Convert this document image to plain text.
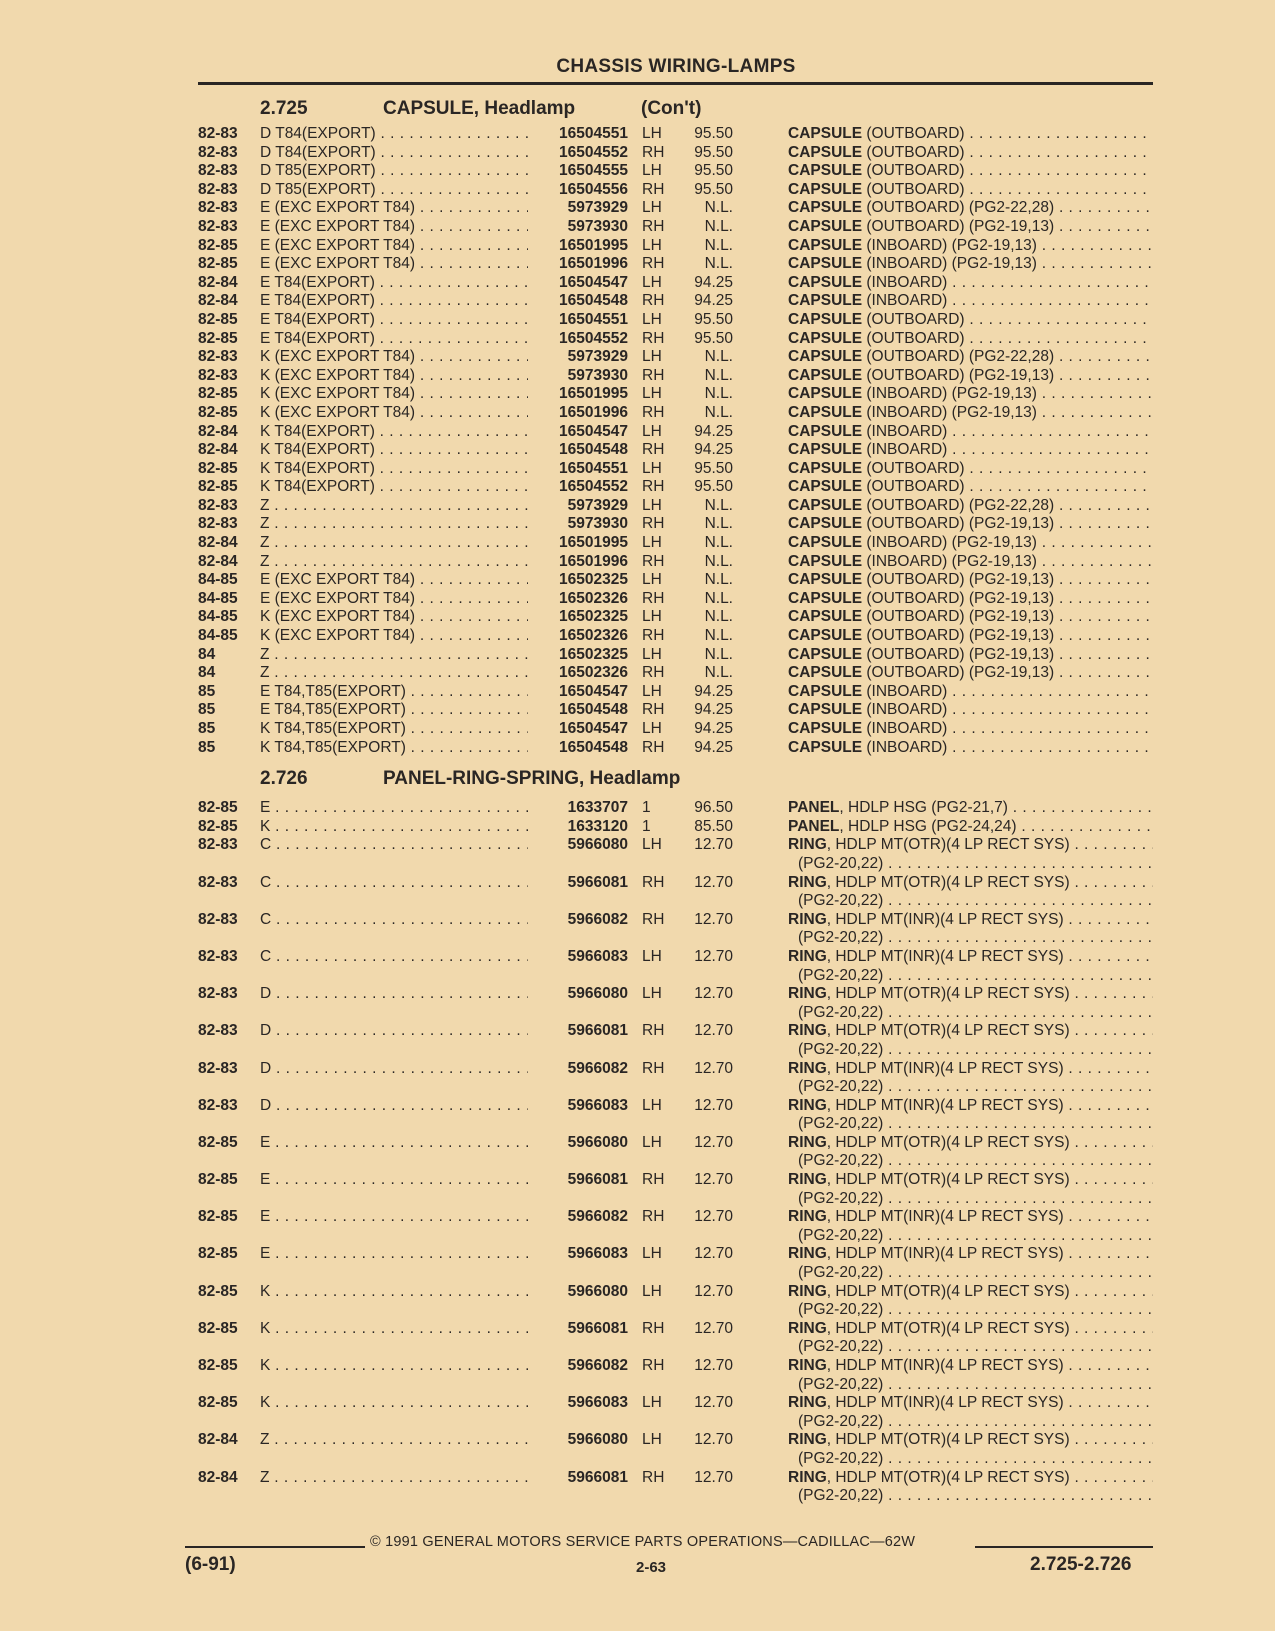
CHASSIS WIRING-LAMPS
2.725	CAPSULE, Headlamp	(Con't)
82-83 D T84(EXPORT) . . .	16504551 LH	95.50	CAPSULE (OUTBOARD) . . .
82-83 D T84(EXPORT) . . .	16504552 RH	95.50	CAPSULE (OUTBOARD) . . .
82-83 D T85(EXPORT) . . .	16504555 LH	95.50	CAPSULE (OUTBOARD) . . .
82-83 D T85(EXPORT) . . .	16504556 RH	95.50	CAPSULE (OUTBOARD) . . .
82-83 E (EXC EXPORT T84) . . .	5973929 LH	N.L.	CAPSULE (OUTBOARD) (PG2-22,28) . . .
82-83 E (EXC EXPORT T84) . . .	5973930 RH	N.L.	CAPSULE (OUTBOARD) (PG2-19,13) . . .
82-85 E (EXC EXPORT T84) . . .	16501995 LH	N.L.	CAPSULE (INBOARD) (PG2-19,13) . . .
82-85 E (EXC EXPORT T84) . . .	16501996 RH	N.L.	CAPSULE (INBOARD) (PG2-19,13) . . .
82-84 E T84(EXPORT) . . .	16504547 LH	94.25	CAPSULE (INBOARD) . . .
82-84 E T84(EXPORT) . . .	16504548 RH	94.25	CAPSULE (INBOARD) . . .
82-85 E T84(EXPORT) . . .	16504551 LH	95.50	CAPSULE (OUTBOARD) . . .
82-85 E T84(EXPORT) . . .	16504552 RH	95.50	CAPSULE (OUTBOARD) . . .
82-83 K (EXC EXPORT T84) . . .	5973929 LH	N.L.	CAPSULE (OUTBOARD) (PG2-22,28) . . .
82-83 K (EXC EXPORT T84) . . .	5973930 RH	N.L.	CAPSULE (OUTBOARD) (PG2-19,13) . . .
82-85 K (EXC EXPORT T84) . . .	16501995 LH	N.L.	CAPSULE (INBOARD) (PG2-19,13) . . .
82-85 K (EXC EXPORT T84) . . .	16501996 RH	N.L.	CAPSULE (INBOARD) (PG2-19,13) . . .
82-84 K T84(EXPORT) . . .	16504547 LH	94.25	CAPSULE (INBOARD) . . .
82-84 K T84(EXPORT) . . .	16504548 RH	94.25	CAPSULE (INBOARD) . . .
82-85 K T84(EXPORT) . . .	16504551 LH	95.50	CAPSULE (OUTBOARD) . . .
82-85 K T84(EXPORT) . . .	16504552 RH	95.50	CAPSULE (OUTBOARD) . . .
82-83 Z . . .	5973929 LH	N.L.	CAPSULE (OUTBOARD) (PG2-22,28) . . .
82-83 Z . . .	5973930 RH	N.L.	CAPSULE (OUTBOARD) (PG2-19,13) . . .
82-84 Z . . .	16501995 LH	N.L.	CAPSULE (INBOARD) (PG2-19,13) . . .
82-84 Z . . .	16501996 RH	N.L.	CAPSULE (INBOARD) (PG2-19,13) . . .
84-85 E (EXC EXPORT T84) . . .	16502325 LH	N.L.	CAPSULE (OUTBOARD) (PG2-19,13) . . .
84-85 E (EXC EXPORT T84) . . .	16502326 RH	N.L.	CAPSULE (OUTBOARD) (PG2-19,13) . . .
84-85 K (EXC EXPORT T84) . . .	16502325 LH	N.L.	CAPSULE (OUTBOARD) (PG2-19,13) . . .
84-85 K (EXC EXPORT T84) . . .	16502326 RH	N.L.	CAPSULE (OUTBOARD) (PG2-19,13) . . .
84	Z . . .	16502325 LH	N.L.	CAPSULE (OUTBOARD) (PG2-19,13) . . .
84	Z . . .	16502326 RH	N.L.	CAPSULE (OUTBOARD) (PG2-19,13) . . .
85	E T84,T85(EXPORT) . . .	16504547 LH	94.25	CAPSULE (INBOARD) . . .
85	E T84,T85(EXPORT) . . .	16504548 RH	94.25	CAPSULE (INBOARD) . . .
85	K T84,T85(EXPORT) . . .	16504547 LH	94.25	CAPSULE (INBOARD) . . .
85	K T84,T85(EXPORT) . . .	16504548 RH	94.25	CAPSULE (INBOARD) . . .
2.726	PANEL-RING-SPRING, Headlamp
82-85 E . . .	1633707 1	96.50	PANEL, HDLP HSG (PG2-21,7) . . .
82-85 K . . .	1633120 1	85.50	PANEL, HDLP HSG (PG2-24,24) . . .
82-83 C . . .	5966080 LH	12.70	RING, HDLP MT(OTR)(4 LP RECT SYS) . . .
(PG2-20,22) . . .
82-83 C . . .	5966081 RH	12.70	RING, HDLP MT(OTR)(4 LP RECT SYS) . . .
(PG2-20,22) . . .
82-83 C . . .	5966082 RH	12.70	RING, HDLP MT(INR)(4 LP RECT SYS) . . .
(PG2-20,22) . . .
82-83 C . . .	5966083 LH	12.70	RING, HDLP MT(INR)(4 LP RECT SYS) . . .
(PG2-20,22) . . .
82-83 D . . .	5966080 LH	12.70	RING, HDLP MT(OTR)(4 LP RECT SYS) . . .
(PG2-20,22) . . .
82-83 D . . .	5966081 RH	12.70	RING, HDLP MT(OTR)(4 LP RECT SYS) . . .
(PG2-20,22) . . .
82-83 D . . .	5966082 RH	12.70	RING, HDLP MT(INR)(4 LP RECT SYS) . . .
(PG2-20,22) . . .
82-83 D . . .	5966083 LH	12.70	RING, HDLP MT(INR)(4 LP RECT SYS) . . .
(PG2-20,22) . . .
82-85 E . . .	5966080 LH	12.70	RING, HDLP MT(OTR)(4 LP RECT SYS) . . .
(PG2-20,22) . . .
82-85 E . . .	5966081 RH	12.70	RING, HDLP MT(OTR)(4 LP RECT SYS) . . .
(PG2-20,22) . . .
82-85 E . . .	5966082 RH	12.70	RING, HDLP MT(INR)(4 LP RECT SYS) . . .
(PG2-20,22) . . .
82-85 E . . .	5966083 LH	12.70	RING, HDLP MT(INR)(4 LP RECT SYS) . . .
(PG2-20,22) . . .
82-85 K . . .	5966080 LH	12.70	RING, HDLP MT(OTR)(4 LP RECT SYS) . . .
(PG2-20,22) . . .
82-85 K . . .	5966081 RH	12.70	RING, HDLP MT(OTR)(4 LP RECT SYS) . . .
(PG2-20,22) . . .
82-85 K . . .	5966082 RH	12.70	RING, HDLP MT(INR)(4 LP RECT SYS) . . .
(PG2-20,22) . . .
82-85 K . . .	5966083 LH	12.70	RING, HDLP MT(INR)(4 LP RECT SYS) . . .
(PG2-20,22) . . .
82-84 Z . . .	5966080 LH	12.70	RING, HDLP MT(OTR)(4 LP RECT SYS) . . .
(PG2-20,22) . . .
82-84 Z . . .	5966081 RH	12.70	RING, HDLP MT(OTR)(4 LP RECT SYS) . . .
(PG2-20,22) . . .
© 1991 GENERAL MOTORS SERVICE PARTS OPERATIONS—CADILLAC—62W
(6-91)	2-63	2.725-2.726
